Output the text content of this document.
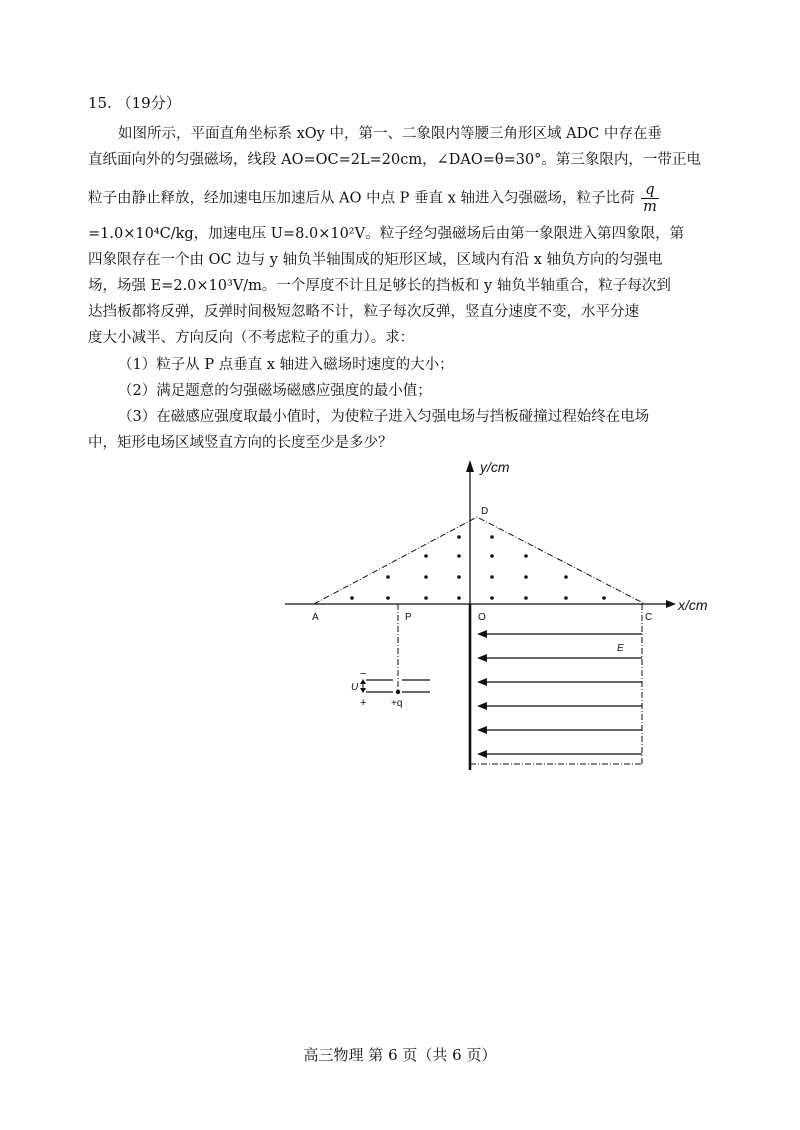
15. （19分）
如图所示，平面直角坐标系 xOy 中，第一、二象限内等腰三角形区域 ADC 中存在垂
直纸面向外的匀强磁场，线段 AO=OC=2L=20cm，∠DAO=θ=30°。第三象限内，一带正电
粒子由静止释放，经加速电压加速后从 AO 中点 P 垂直 x 轴进入匀强磁场，粒子比荷 $\frac{q}{m}$
=1.0×10⁴C/kg，加速电压 U=8.0×10²V。粒子经匀强磁场后由第一象限进入第四象限，第
四象限存在一个由 OC 边与 y 轴负半轴围成的矩形区域，区域内有沿 x 轴负方向的匀强电
场，场强 E=2.0×10³V/m。一个厚度不计且足够长的挡板和 y 轴负半轴重合，粒子每次到
达挡板都将反弹，反弹时间极短忽略不计，粒子每次反弹，竖直分速度不变，水平分速
度大小减半、方向反向（不考虑粒子的重力）。求：
（1）粒子从 P 点垂直 x 轴进入磁场时速度的大小；
（2）满足题意的匀强磁场磁感应强度的最小值；
（3）在磁感应强度取最小值时，为使粒子进入匀强电场与挡板碰撞过程始终在电场
中，矩形电场区域竖直方向的长度至少是多少？
x/cm
y/cm
A	P	O	C
D
E
U
−
+ +q
高三物理 第 6 页（共 6 页）
